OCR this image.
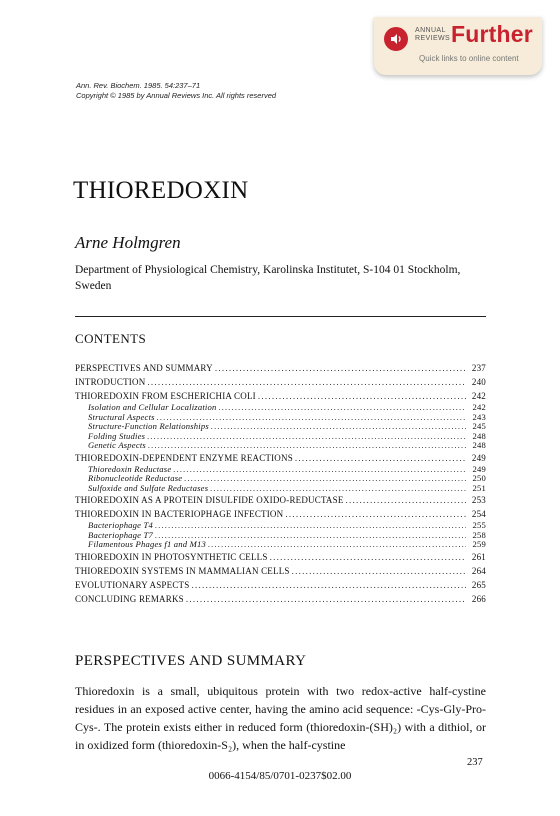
ANNUAL
REVIEWS Further
Quick links to online content
Ann. Rev. Biochem. 1985. 54:237–71
Copyright © 1985 by Annual Reviews Inc. All rights reserved
THIOREDOXIN
Arne Holmgren
Department of Physiological Chemistry, Karolinska Institutet, S-104 01 Stockholm, Sweden
CONTENTS
PERSPECTIVES AND SUMMARY . . .	237
INTRODUCTION . . .	240
THIOREDOXIN FROM ESCHERICHIA COLI . . .	242
Isolation and Cellular Localization . . .	242
Structural Aspects . . .	243
Structure-Function Relationships . . .	245
Folding Studies . . .	248
Genetic Aspects . . .	248
THIOREDOXIN-DEPENDENT ENZYME REACTIONS . . .	249
Thioredoxin Reductase . . .	249
Ribonucleotide Reductase . . .	250
Sulfoxide and Sulfate Reductases . . .	251
THIOREDOXIN AS A PROTEIN DISULFIDE OXIDO-REDUCTASE . . .	253
THIOREDOXIN IN BACTERIOPHAGE INFECTION . . .	254
Bacteriophage T4 . . .	255
Bacteriophage T7 . . .	258
Filamentous Phages f1 and M13 . . .	259
THIOREDOXIN IN PHOTOSYNTHETIC CELLS . . .	261
THIOREDOXIN SYSTEMS IN MAMMALIAN CELLS . . .	264
EVOLUTIONARY ASPECTS . . .	265
CONCLUDING REMARKS . . .	266
PERSPECTIVES AND SUMMARY
Thioredoxin is a small, ubiquitous protein with two redox-active half-cystine residues in an exposed active center, having the amino acid sequence: -Cys-Gly-Pro-Cys-. The protein exists either in reduced form (thioredoxin-(SH)₂) with a dithiol, or in oxidized form (thioredoxin-S₂), when the half-cystine
237
0066-4154/85/0701-0237$02.00
